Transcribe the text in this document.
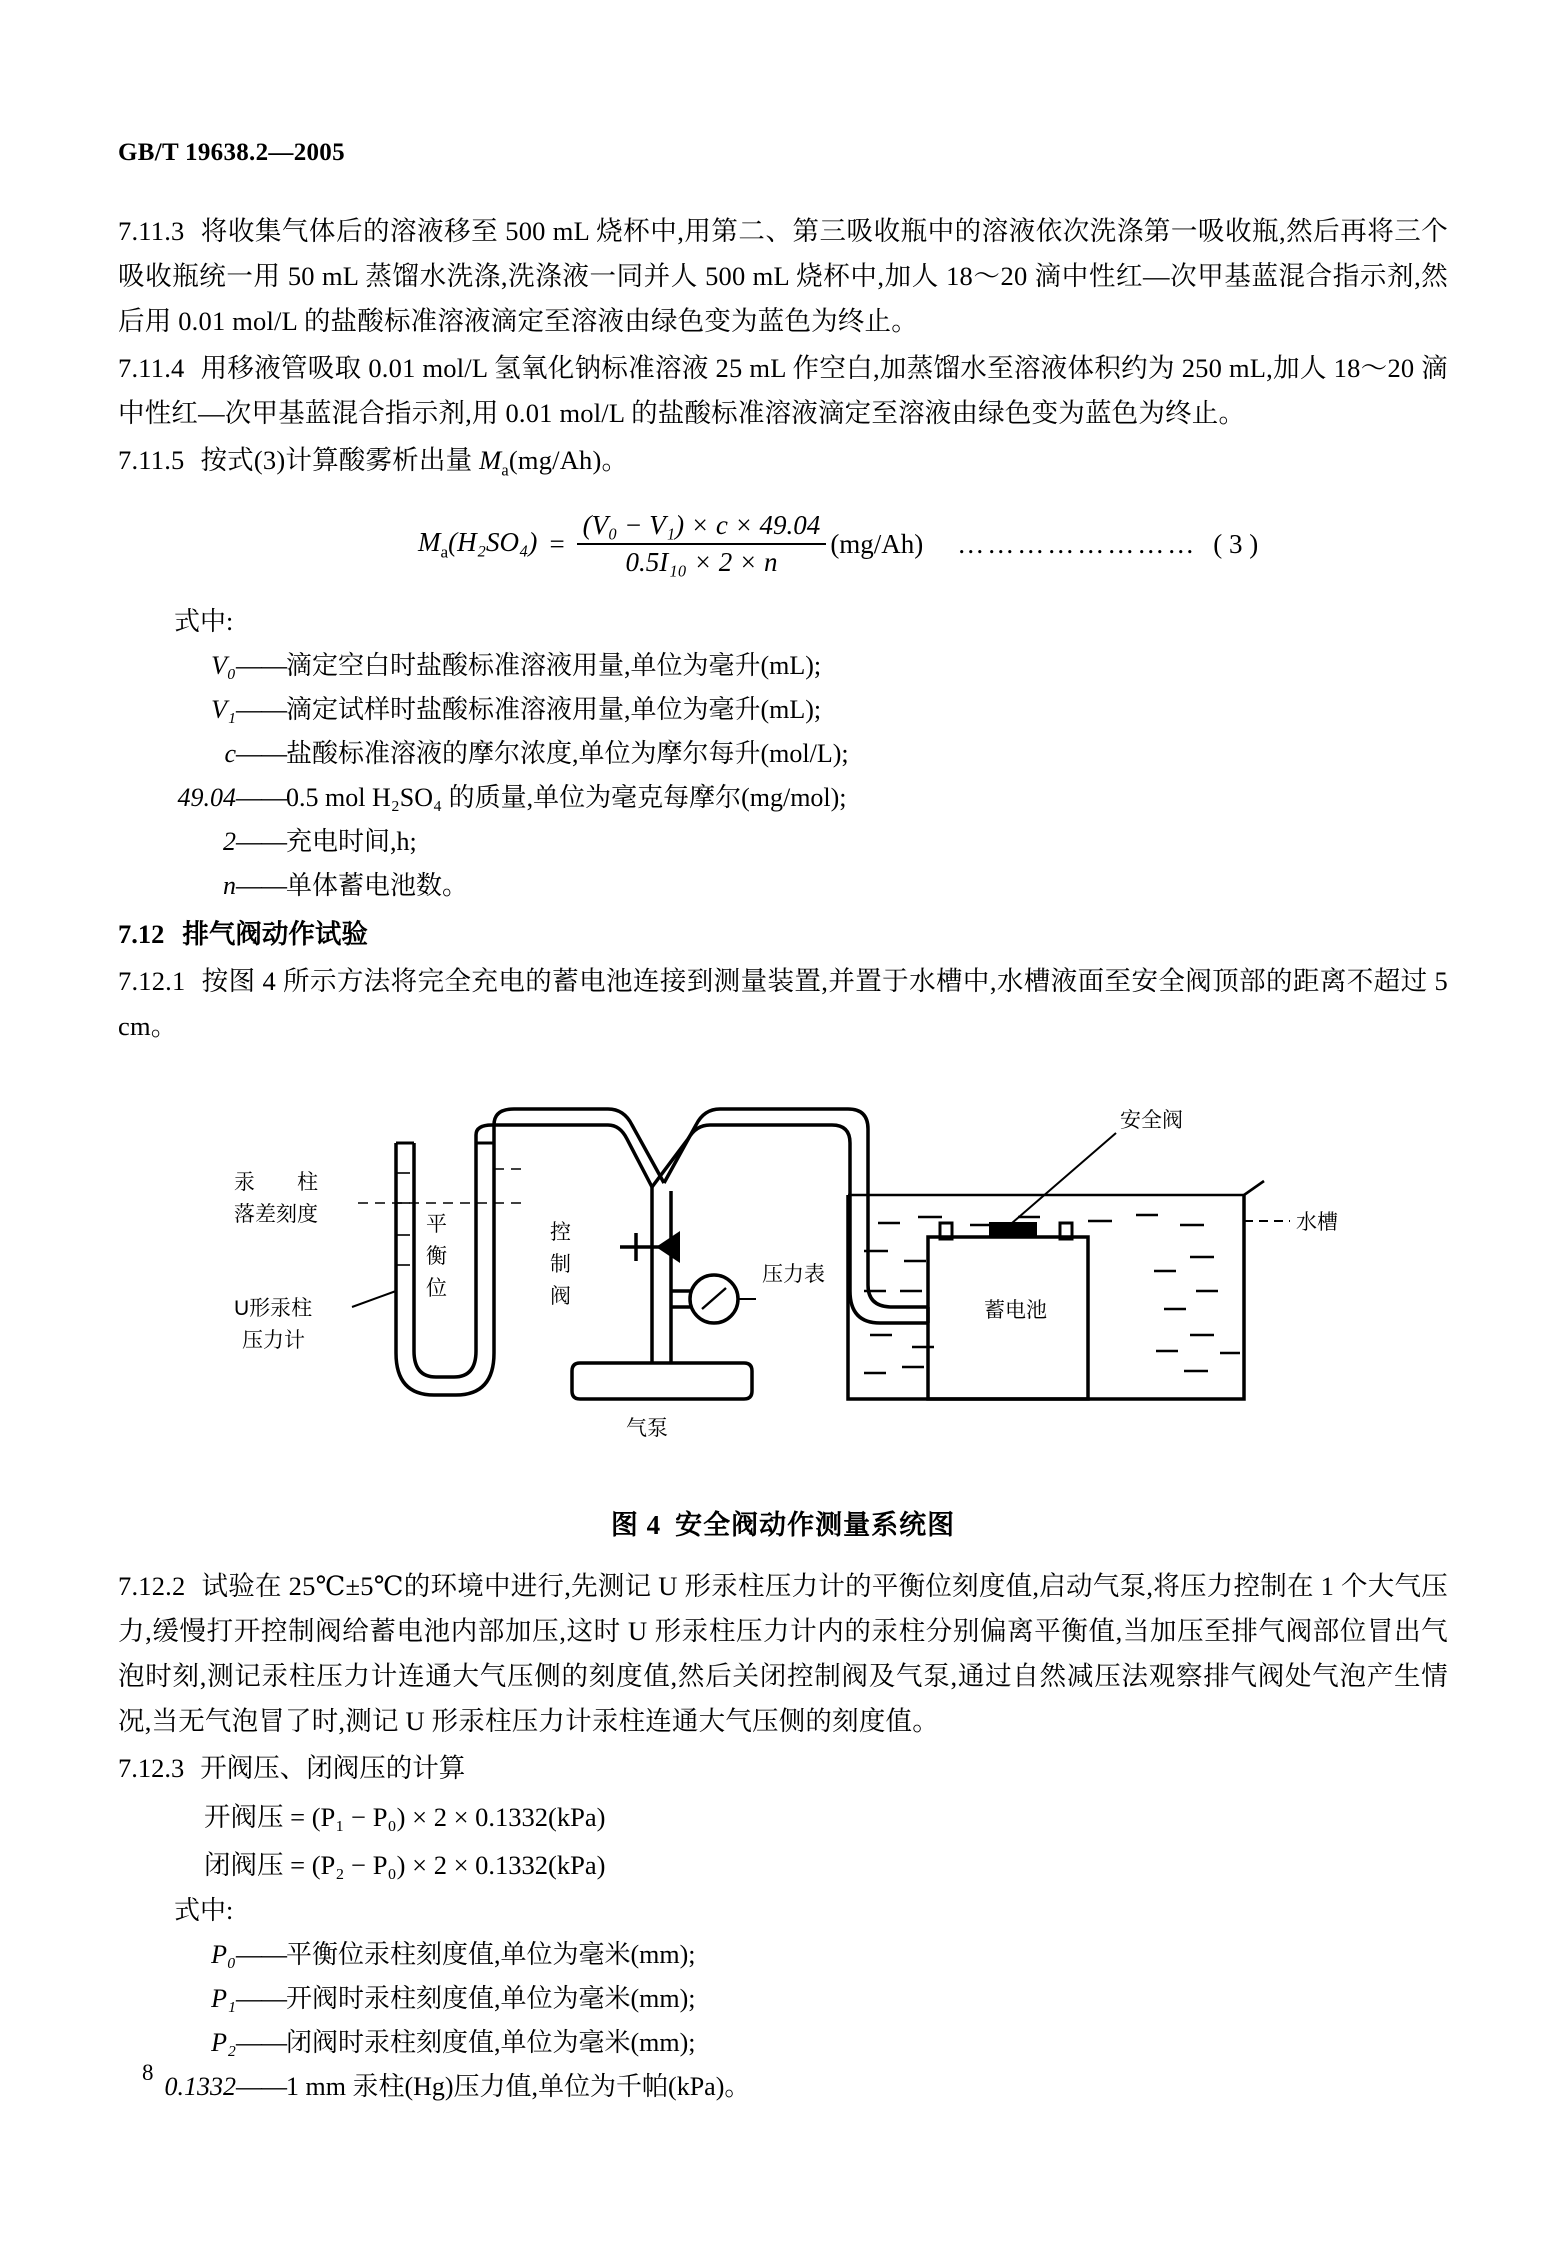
GB/T 19638.2—2005

7.11.3 将收集气体后的溶液移至 500 mL 烧杯中,用第二、第三吸收瓶中的溶液依次洗涤第一吸收瓶,然后再将三个吸收瓶统一用 50 mL 蒸馏水洗涤,洗涤液一同并人 500 mL 烧杯中,加人 18～20 滴中性红—次甲基蓝混合指示剂,然后用 0.01 mol/L 的盐酸标准溶液滴定至溶液由绿色变为蓝色为终止。

7.11.4 用移液管吸取 0.01 mol/L 氢氧化钠标准溶液 25 mL 作空白,加蒸馏水至溶液体积约为 250 mL,加人 18～20 滴中性红—次甲基蓝混合指示剂,用 0.01 mol/L 的盐酸标准溶液滴定至溶液由绿色变为蓝色为终止。

7.11.5 按式(3)计算酸雾析出量 $M_a(mg/Ah)$。

$M_a(H_2SO_4) = \frac{\text{(V₀ − V₁) × c × 49.04}}{\text{0.5I₁₀ × 2 × n}} (mg/Ah)$ …………………… ( 3 )
式中:
V₀ —— 滴定空白时盐酸标准溶液用量,单位为毫升(mL);
V₁ —— 滴定试样时盐酸标准溶液用量,单位为毫升(mL);
c —— 盐酸标准溶液的摩尔浓度,单位为摩尔每升(mol/L);
49.04 —— 0.5 mol H₂SO₄ 的质量,单位为毫克每摩尔(mg/mol);
2 —— 充电时间,h;
n —— 单体蓄电池数。
7.12 排气阀动作试验

7.12.1 按图 4 所示方法将完全充电的蓄电池连接到测量装置,并置于水槽中,水槽液面至安全阀顶部的距离不超过 5 cm。

汞　　柱
落差刻度
U形汞柱
压力计
平
衡
位
控
制
阀
压力表
气泵
水槽
蓄电池
安全阀
图 4 安全阀动作测量系统图

7.12.2 试验在 25℃±5℃的环境中进行,先测记 U 形汞柱压力计的平衡位刻度值,启动气泵,将压力控制在 1 个大气压力,缓慢打开控制阀给蓄电池内部加压,这时 U 形汞柱压力计内的汞柱分别偏离平衡值,当加压至排气阀部位冒出气泡时刻,测记汞柱压力计连通大气压侧的刻度值,然后关闭控制阀及气泵,通过自然减压法观察排气阀处气泡产生情况,当无气泡冒了时,测记 U 形汞柱压力计汞柱连通大气压侧的刻度值。

7.12.3 开阀压、闭阀压的计算
开阀压 = (P₁ − P₀) × 2 × 0.1332(kPa)
闭阀压 = (P₂ − P₀) × 2 × 0.1332(kPa)
式中:
P₀ —— 平衡位汞柱刻度值,单位为毫米(mm);
P₁ —— 开阀时汞柱刻度值,单位为毫米(mm);
P₂ —— 闭阀时汞柱刻度值,单位为毫米(mm);
0.1332 —— 1 mm 汞柱(Hg)压力值,单位为千帕(kPa)。
8
